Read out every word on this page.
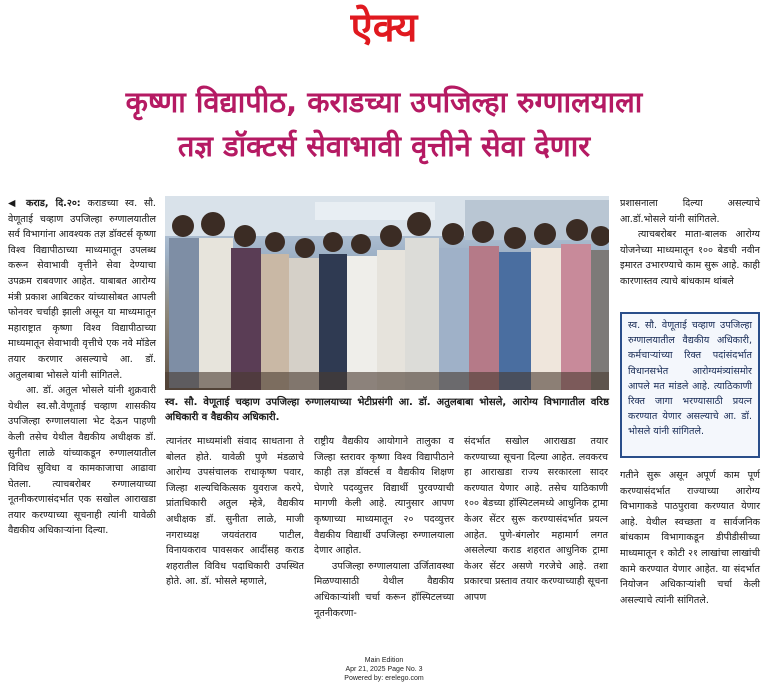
ऐक्य
कृष्णा विद्यापीठ, कराडच्या उपजिल्हा रुग्णालयाला
तज्ञ डॉक्टर्स सेवाभावी वृत्तीने सेवा देणार

◀ कराड, दि.२०: कराडच्या स्व. सौ. वेणूताई चव्हाण उपजिल्हा रुग्णालयातील सर्व विभागांना आवश्यक तज्ञ डॉक्टर्स कृष्णा विश्व विद्यापीठाच्या माध्यमातून उपलब्ध करून सेवाभावी वृत्तीने सेवा देण्याचा उपक्रम राबवणार आहेत. याबाबत आरोग्य मंत्री प्रकाश आबिटकर यांच्यासोबत आपली फोनवर चर्चाही झाली असून या माध्यमातून महाराष्ट्रात कृष्णा विश्व विद्यापीठाच्या माध्यमातून सेवाभावी वृत्तीचे एक नवे मॉडेल तयार करणार असल्याचे आ. डॉ. अतुलबाबा भोसले यांनी सांगितले.

आ. डॉ. अतुल भोसले यांनी शुक्रवारी येथील स्व.सौ.वेणूताई चव्हाण शासकीय उपजिल्हा रुग्णालयाला भेट देऊन पाहणी केली तसेच येथील वैद्यकीय अधीक्षक डॉ. सुनीता लाळे यांच्याकडून रुग्णालयातील विविध सुविधा व कामकाजाचा आढावा घेतला. त्याचबरोबर रुग्णालयाच्या नूतनीकरणासंदर्भात एक सखोल आराखडा तयार करण्याच्या सूचनाही त्यांनी यावेळी वैद्यकीय अधिकाऱ्यांना दिल्या.

स्व. सौ. वेणूताई चव्हाण उपजिल्हा रुग्णालयाच्या भेटीप्रसंगी आ. डॉ. अतुलबाबा भोसले, आरोग्य विभागातील वरिष्ठ अधिकारी व वैद्यकीय अधिकारी.

त्यानंतर माध्यमांशी संवाद साधताना ते बोलत होते. यावेळी पुणे मंडळाचे आरोग्य उपसंचालक राधाकृष्ण पवार, जिल्हा शल्यचिकित्सक युवराज करपे, प्रांताधिकारी अतुल म्हेत्रे, वैद्यकीय अधीक्षक डॉ. सुनीता लाळे, माजी नगराध्यक्ष जयवंतराव पाटील, विनायकराव पावसकर आदींसह कराड शहरातील विविध पदाधिकारी उपस्थित होते. आ. डॉ. भोसले म्हणाले,

राष्ट्रीय वैद्यकीय आयोगाने तालुका व जिल्हा स्तरावर कृष्णा विश्व विद्यापीठाने काही तज्ञ डॉक्टर्स व वैद्यकीय शिक्षण घेणारे पदव्युत्तर विद्यार्थी पुरवण्याची मागणी केली आहे. त्यानुसार आपण कृष्णाच्या माध्यमातून २० पदव्युत्तर वैद्यकीय विद्यार्थी उपजिल्हा रुग्णालयाला देणार आहोत.

उपजिल्हा रुग्णालयाला उर्जितावस्था मिळण्यासाठी येथील वैद्यकीय अधिकाऱ्यांशी चर्चा करून हॉस्पिटलच्या नूतनीकरणा-

संदर्भात सखोल आराखडा तयार करण्याच्या सूचना दिल्या आहेत. लवकरच हा आराखडा राज्य सरकारला सादर करण्यात येणार आहे. तसेच याठिकाणी १०० बेडच्या हॉस्पिटलमध्ये आधुनिक ट्रामा केअर सेंटर सुरू करण्यासंदर्भात प्रयत्न आहेत. पुणे-बंगलोर महामार्ग लगत असलेल्या कराड शहरात आधुनिक ट्रामा केअर सेंटर असणे गरजेचे आहे. तशा प्रकारचा प्रस्ताव तयार करण्याच्याही सूचना आपण

प्रशासनाला दिल्या असल्याचे आ.डॉ.भोसले यांनी सांगितले.

त्याचबरोबर माता-बालक आरोग्य योजनेच्या माध्यमातून १०० बेडची नवीन इमारत उभारण्याचे काम सुरू आहे. काही कारणास्तव त्याचे बांधकाम थांबले

स्व. सौ. वेणूताई चव्हाण उपजिल्हा रुग्णालयातील वैद्यकीय अधिकारी, कर्मचाऱ्यांच्या रिक्त पदांसंदर्भात विधानसभेत आरोग्यमंत्र्यांसमोर आपले मत मांडले आहे. त्याठिकाणी रिक्त जागा भरण्यासाठी प्रयत्न करण्यात येणार असल्याचे आ. डॉ. भोसले यांनी सांगितले.

गतीने सुरू असून अपूर्ण काम पूर्ण करण्यासंदर्भात राज्याच्या आरोग्य विभागाकडे पाठपुरावा करण्यात येणार आहे. येथील स्वच्छता व सार्वजनिक बांधकाम विभागाकडून डीपीडीसीच्या माध्यमातून १ कोटी २१ लाखांचा लाखांची कामे करण्यात येणार आहेत. या संदर्भात नियोजन अधिकाऱ्यांशी चर्चा केली असल्याचे त्यांनी सांगितले.

Main Edition
Apr 21, 2025 Page No. 3
Powered by: erelego.com
